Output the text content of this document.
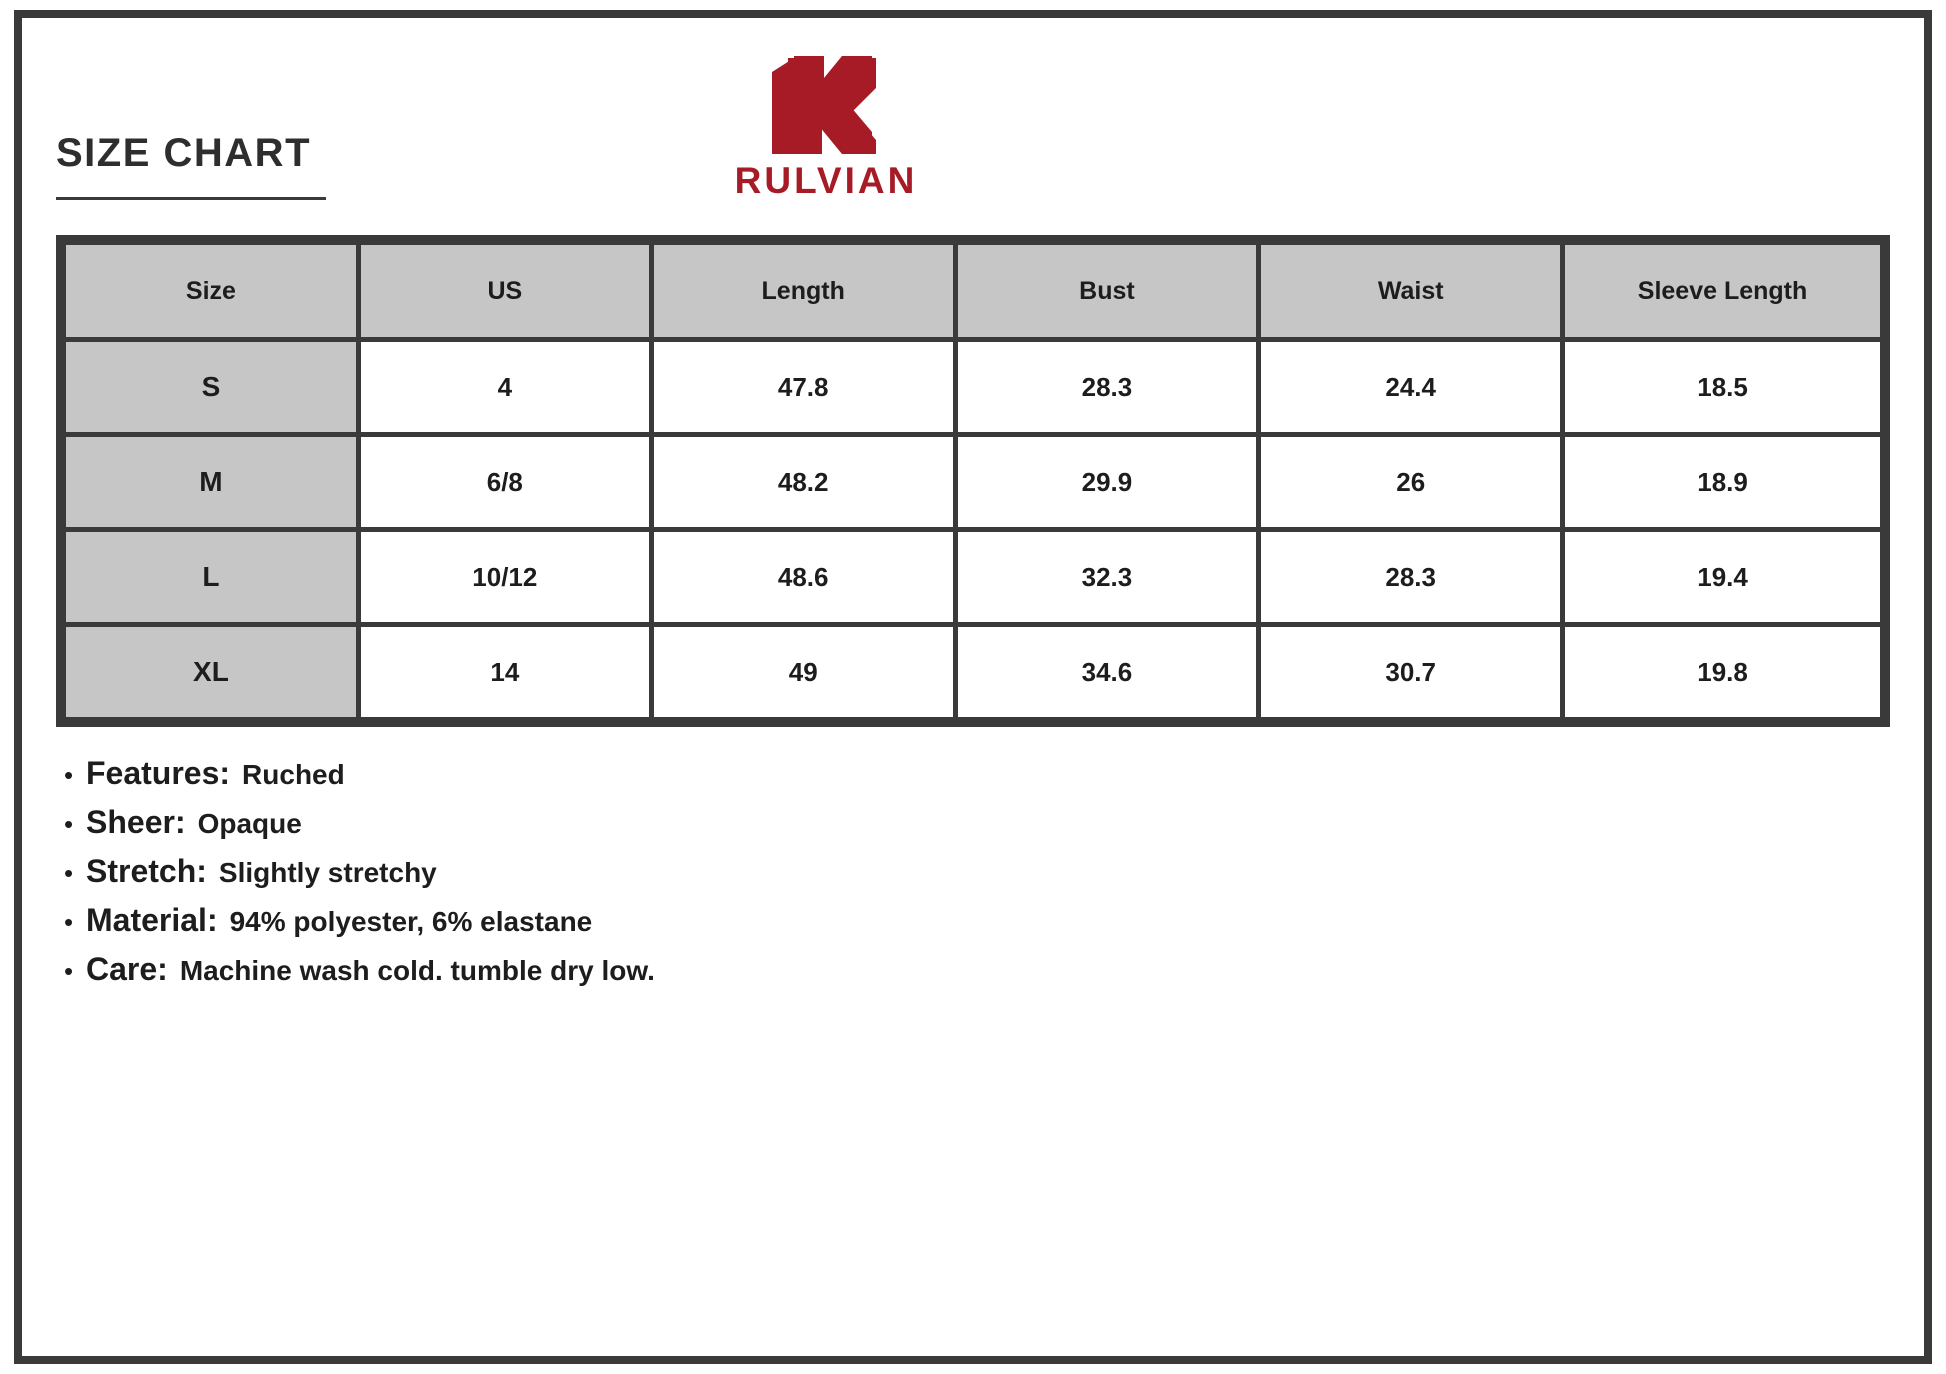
SIZE CHART
RULVIAN
Size	US	Length	Bust	Waist	Sleeve Length
S	4	47.8	28.3	24.4	18.5
M	6/8	48.2	29.9	26	18.9
L	10/12	48.6	32.3	28.3	19.4
XL	14	49	34.6	30.7	19.8
• Features: Ruched
• Sheer: Opaque
• Stretch: Slightly stretchy
• Material: 94% polyester, 6% elastane
• Care: Machine wash cold. tumble dry low.
